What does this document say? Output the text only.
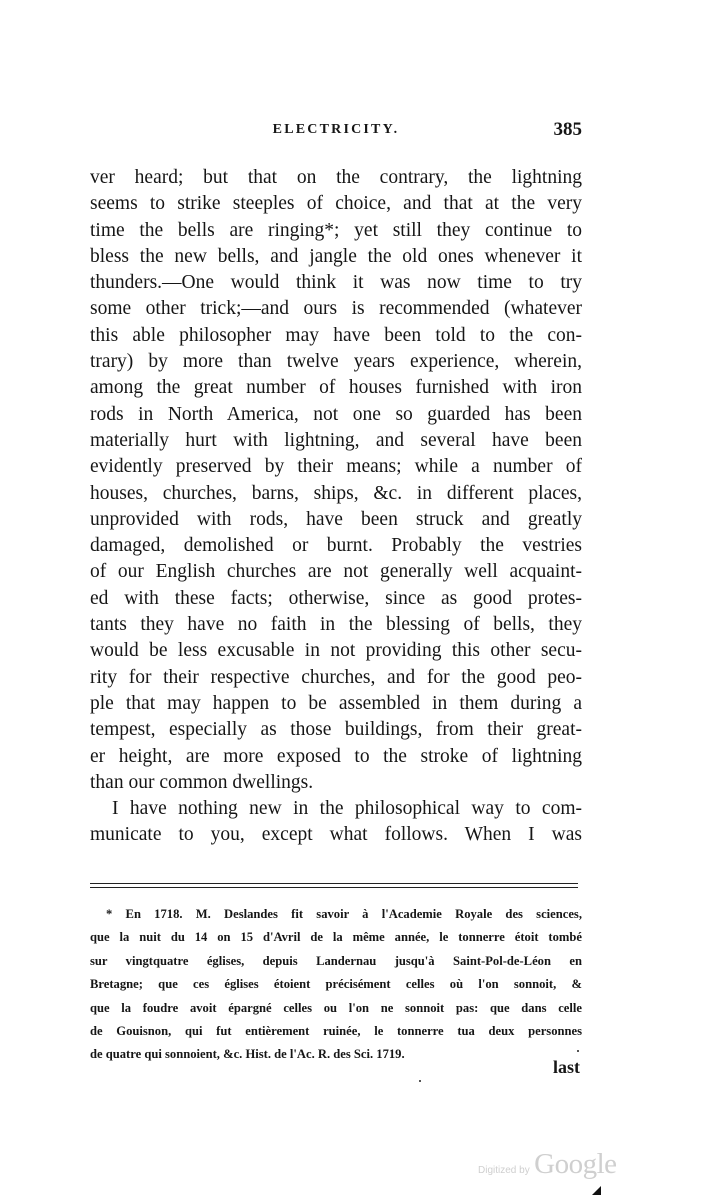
ELECTRICITY.	385
ver heard; but that on the contrary, the lightning
seems to strike steeples of choice, and that at the very
time the bells are ringing*; yet still they continue to
bless the new bells, and jangle the old ones whenever it
thunders.—One would think it was now time to try
some other trick;—and ours is recommended (whatever
this able philosopher may have been told to the con-
trary) by more than twelve years experience, wherein,
among the great number of houses furnished with iron
rods in North America, not one so guarded has been
materially hurt with lightning, and several have been
evidently preserved by their means; while a number of
houses, churches, barns, ships, &c. in different places,
unprovided with rods, have been struck and greatly
damaged, demolished or burnt. Probably the vestries
of our English churches are not generally well acquaint-
ed with these facts; otherwise, since as good protes-
tants they have no faith in the blessing of bells, they
would be less excusable in not providing this other secu-
rity for their respective churches, and for the good peo-
ple that may happen to be assembled in them during a
tempest, especially as those buildings, from their great-
er height, are more exposed to the stroke of lightning
than our common dwellings.
I have nothing new in the philosophical way to com-
municate to you, except what follows. When I was
* En 1718. M. Deslandes fit savoir à l'Academie Royale des sciences,
que la nuit du 14 on 15 d'Avril de la même année, le tonnerre étoit tombé
sur vingtquatre églises, depuis Landernau jusqu'à Saint-Pol-de-Léon en
Bretagne; que ces églises étoient précisément celles où l'on sonnoit, &
que la foudre avoit épargné celles ou l'on ne sonnoit pas: que dans celle
de Gouisnon, qui fut entièrement ruinée, le tonnerre tua deux personnes
de quatre qui sonnoient, &c. Hist. de l'Ac. R. des Sci. 1719.
last
Digitized by Google
